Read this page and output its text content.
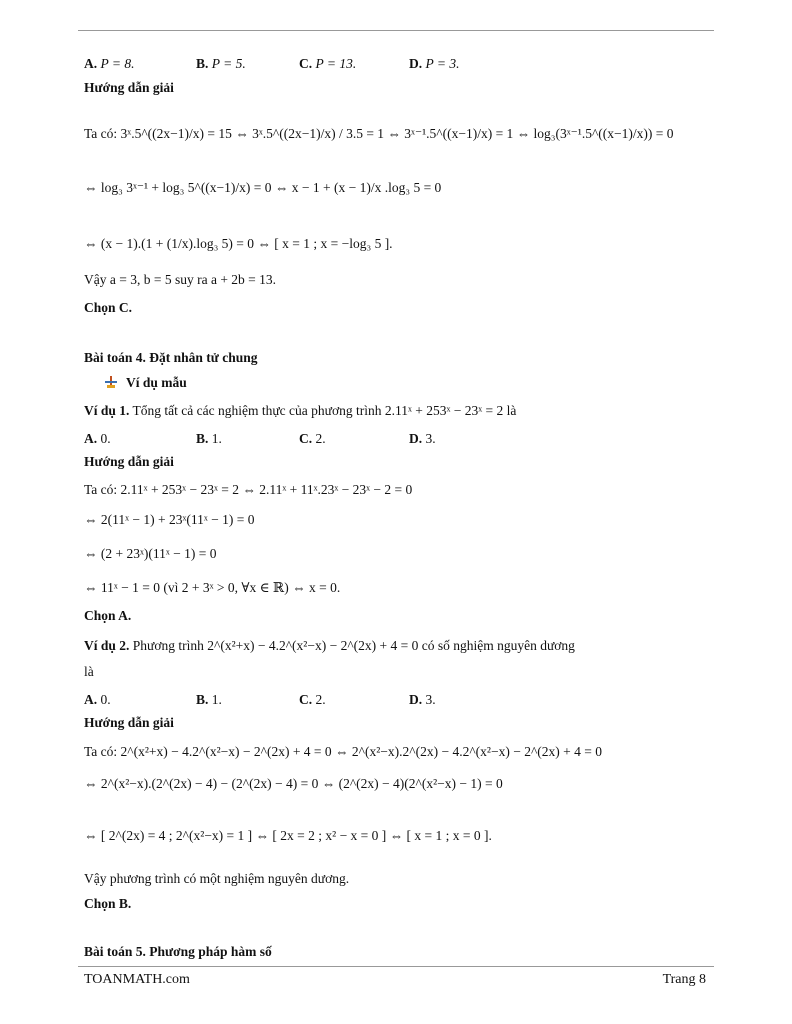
A. P = 8.	B. P = 5.	C. P = 13.	D. P = 3.
Hướng dẫn giải
Ta có: 3ˣ.5^((2x−1)/x) = 15 ⇔ 3ˣ.5^((2x−1)/x) / 3.5 = 1 ⇔ 3ˣ⁻¹.5^((x−1)/x) = 1 ⇔ log₃(3ˣ⁻¹.5^((x−1)/x)) = 0
⇔ log₃ 3ˣ⁻¹ + log₃ 5^((x−1)/x) = 0 ⇔ x − 1 + (x − 1)/x .log₃ 5 = 0
⇔ (x − 1).(1 + (1/x).log₃ 5) = 0 ⇔ [ x = 1 ; x = −log₃ 5 ].
Vậy a = 3, b = 5 suy ra a + 2b = 13.
Chọn C.
Bài toán 4. Đặt nhân tử chung
Ví dụ mẫu
Ví dụ 1. Tổng tất cả các nghiệm thực của phương trình 2.11ˣ + 253ˣ − 23ˣ = 2 là
A. 0.	B. 1.	C. 2.	D. 3.
Hướng dẫn giải
Ta có: 2.11ˣ + 253ˣ − 23ˣ = 2 ⇔ 2.11ˣ + 11ˣ.23ˣ − 23ˣ − 2 = 0
⇔ 2(11ˣ − 1) + 23ˣ(11ˣ − 1) = 0
⇔ (2 + 23ˣ)(11ˣ − 1) = 0
⇔ 11ˣ − 1 = 0 (vì 2 + 3ˣ > 0, ∀x ∈ ℝ) ⇔ x = 0.
Chọn A.
Ví dụ 2. Phương trình 2^(x²+x) − 4.2^(x²−x) − 2^(2x) + 4 = 0 có số nghiệm nguyên dương
là
A. 0.	B. 1.	C. 2.	D. 3.
Hướng dẫn giải
Ta có: 2^(x²+x) − 4.2^(x²−x) − 2^(2x) + 4 = 0 ⇔ 2^(x²−x).2^(2x) − 4.2^(x²−x) − 2^(2x) + 4 = 0
⇔ 2^(x²−x).(2^(2x) − 4) − (2^(2x) − 4) = 0 ⇔ (2^(2x) − 4)(2^(x²−x) − 1) = 0
⇔ [ 2^(2x) = 4 ; 2^(x²−x) = 1 ] ⇔ [ 2x = 2 ; x² − x = 0 ] ⇔ [ x = 1 ; x = 0 ].
Vậy phương trình có một nghiệm nguyên dương.
Chọn B.
Bài toán 5. Phương pháp hàm số
TOANMATH.com	Trang 8
